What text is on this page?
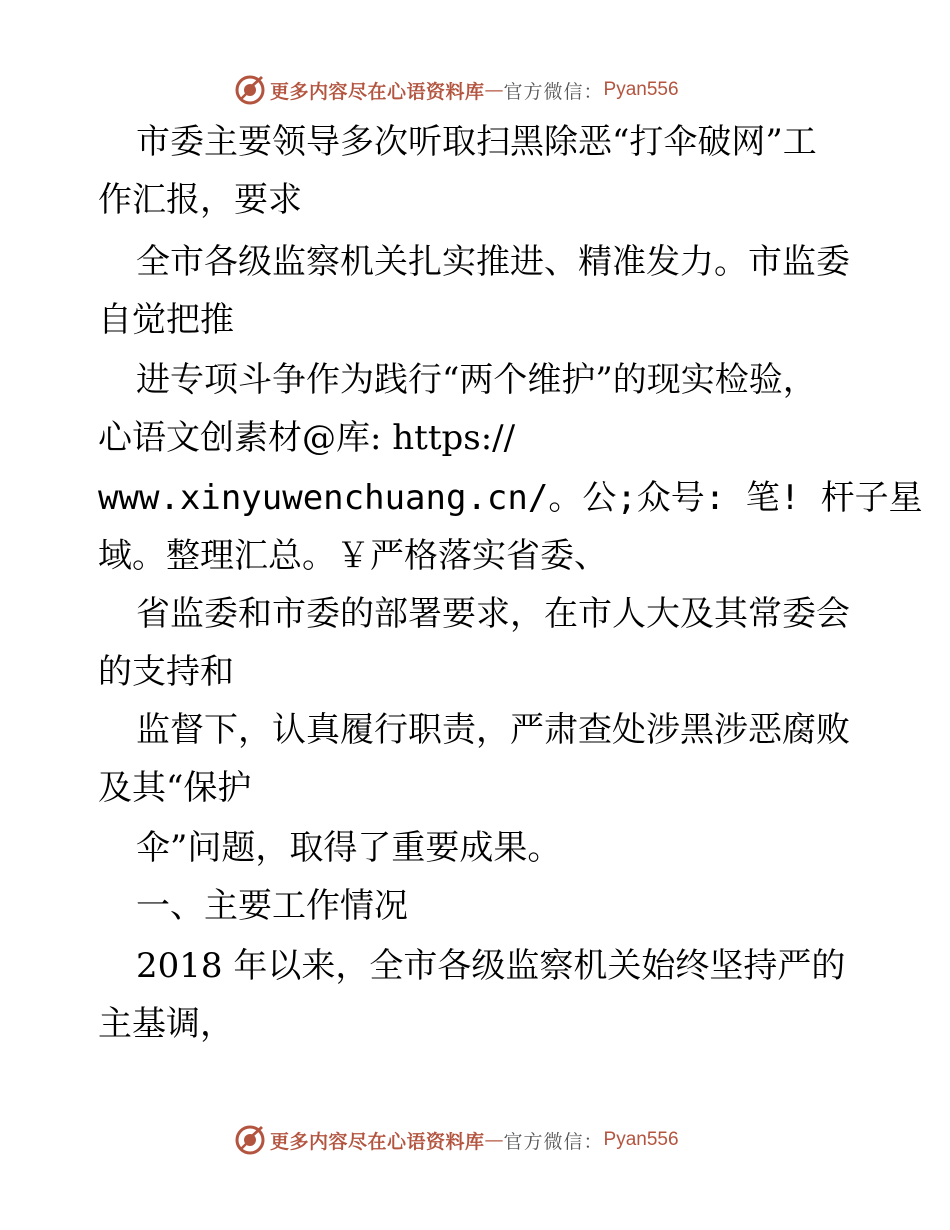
更多内容尽在心语资料库 — 官方微信： Pyan556
市委主要领导多次听取扫黑除恶“打伞破网”工
作汇报，要求
全市各级监察机关扎实推进、精准发力。市监委
自觉把推
进专项斗争作为践行“两个维护”的现实检验，
心语文创素材@库: https://
www.xinyuwenchuang.cn/。公;众号: 笔! 杆子星
域。整理汇总。￥严格落实省委、
省监委和市委的部署要求，在市人大及其常委会
的支持和
监督下，认真履行职责，严肃查处涉黑涉恶腐败
及其“保护
伞”问题，取得了重要成果。
一、主要工作情况
2018 年以来，全市各级监察机关始终坚持严的
主基调，
更多内容尽在心语资料库 — 官方微信： Pyan556
